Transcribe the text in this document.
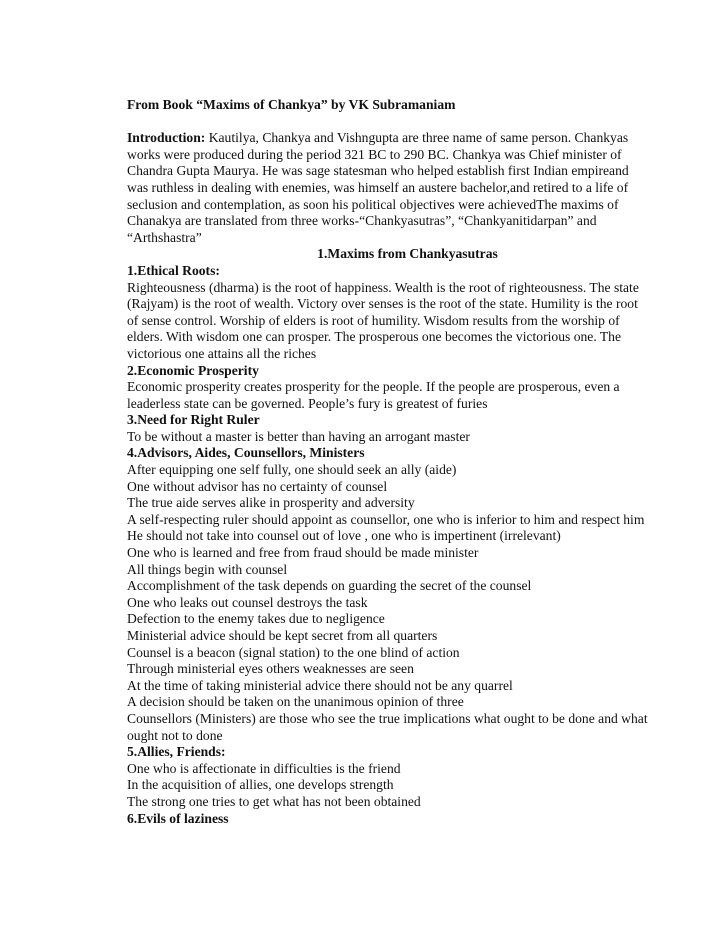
From Book “Maxims of Chankya” by VK Subramaniam

Introduction: Kautilya, Chankya and Vishngupta are three name of same person. Chankyas works were produced during the period 321 BC to 290 BC. Chankya was Chief minister of Chandra Gupta Maurya. He was sage statesman who helped establish first Indian empireand was ruthless in dealing with enemies, was himself an austere bachelor,and retired to a life of seclusion and contemplation, as soon his political objectives were achievedThe maxims of Chanakya are translated from three works-“Chankyasutras”, “Chankyanitidarpan” and “Arthshastra”

1.Maxims from Chankyasutras

1.Ethical Roots:

Righteousness (dharma) is the root of happiness. Wealth is the root of righteousness. The state (Rajyam) is the root of wealth. Victory over senses is the root of the state. Humility is the root of sense control. Worship of elders is root of humility. Wisdom results from the worship of elders. With wisdom one can prosper. The prosperous one becomes the victorious one. The victorious one attains all the riches

2.Economic Prosperity

Economic prosperity creates prosperity for the people. If the people are prosperous, even a leaderless state can be governed. People’s fury is greatest of furies

3.Need for Right Ruler

To be without a master is better than having an arrogant master

4.Advisors, Aides, Counsellors, Ministers

After equipping one self fully, one should seek an ally (aide)
One without advisor has no certainty of counsel
The true aide serves alike in prosperity and adversity
A self-respecting ruler should appoint as counsellor, one who is inferior to him and respect him
He should not take into counsel out of love , one who is impertinent (irrelevant)
One who is learned and free from fraud should be made minister
All things begin with counsel
Accomplishment of the task depends on guarding the secret of the counsel
One who leaks out counsel destroys the task
Defection to the enemy takes due to negligence
Ministerial advice should be kept secret from all quarters
Counsel is a beacon (signal station) to the one blind of action
Through ministerial eyes others weaknesses are seen
At the time of taking ministerial advice there should not be any quarrel
A decision should be taken on the unanimous opinion of three
Counsellors (Ministers) are those who see the true implications what ought to be done and what ought not to done

5.Allies, Friends:

One who is affectionate in difficulties is the friend
In the acquisition of allies, one develops strength
The strong one tries to get what has not been obtained

6.Evils of laziness
